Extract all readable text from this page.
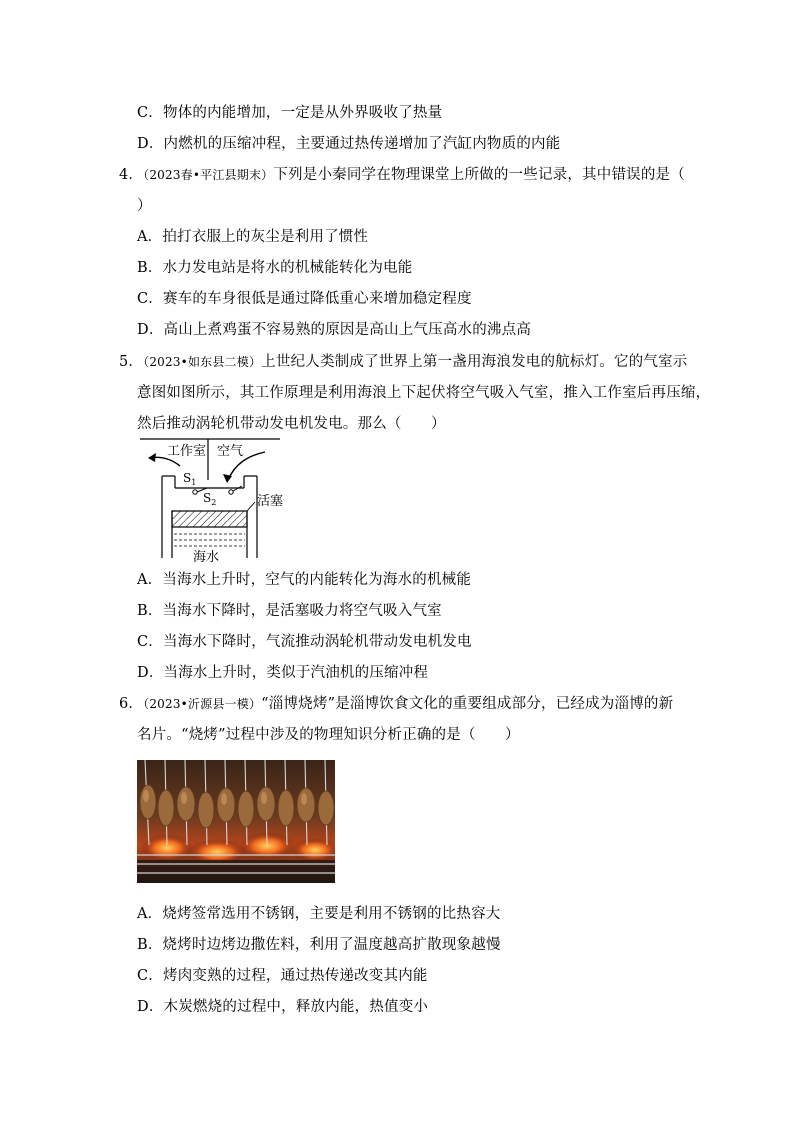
C．物体的内能增加，一定是从外界吸收了热量
D．内燃机的压缩冲程，主要通过热传递增加了汽缸内物质的内能
4．（2023春•平江县期末）下列是小秦同学在物理课堂上所做的一些记录，其中错误的是（
）
A．拍打衣服上的灰尘是利用了惯性
B．水力发电站是将水的机械能转化为电能
C．赛车的车身很低是通过降低重心来增加稳定程度
D．高山上煮鸡蛋不容易熟的原因是高山上气压高水的沸点高
5．（2023•如东县二模）上世纪人类制成了世界上第一盏用海浪发电的航标灯。它的气室示
意图如图所示，其工作原理是利用海浪上下起伏将空气吸入气室，推入工作室后再压缩，
然后推动涡轮机带动发电机发电。那么（　　）
工作室 空气
$S_1$
$S_2$	活塞
海水
A．当海水上升时，空气的内能转化为海水的机械能
B．当海水下降时，是活塞吸力将空气吸入气室
C．当海水下降时，气流推动涡轮机带动发电机发电
D．当海水上升时，类似于汽油机的压缩冲程
6．（2023•沂源县一模）“淄博烧烤”是淄博饮食文化的重要组成部分，已经成为淄博的新
名片。“烧烤”过程中涉及的物理知识分析正确的是（　　）
A．烧烤签常选用不锈钢，主要是利用不锈钢的比热容大
B．烧烤时边烤边撒佐料，利用了温度越高扩散现象越慢
C．烤肉变熟的过程，通过热传递改变其内能
D．木炭燃烧的过程中，释放内能，热值变小
